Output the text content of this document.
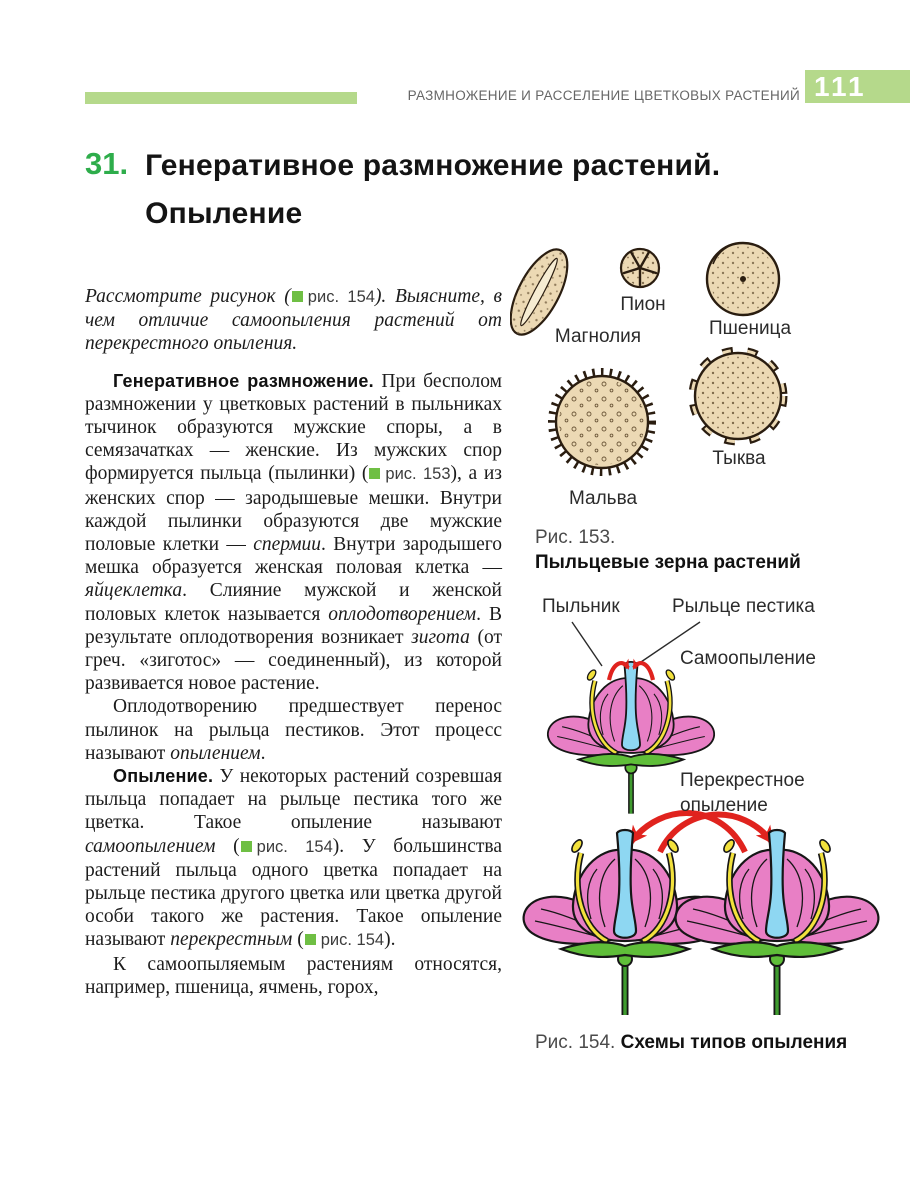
РАЗМНОЖЕНИЕ И РАССЕЛЕНИЕ ЦВЕТКОВЫХ РАСТЕНИЙ 111
31. Генеративное размножение растений.
Опыление

Рассмотрите рисунок ( рис. 154). Выясните, в чем отличие самоопыления растений от перекрестного опыления.

Генеративное размножение. При бесполом размножении у цветковых растений в пыльниках тычинок образуются мужские споры, а в семязачатках — женские. Из мужских спор формируется пыльца (пылинки) ( рис. 153), а из женских спор — зародышевые мешки. Внутри каждой пылинки образуются две мужские половые клетки — спермии. Внутри зародышего мешка образуется женская половая клетка — яйцеклетка. Слияние мужской и женской половых клеток называется оплодотворением. В результате оплодотворения возникает зигота (от греч. «зиготос» — соединенный), из которой развивается новое растение.

Оплодотворению предшествует перенос пылинок на рыльца пестиков. Этот процесс называют опылением.

Опыление. У некоторых растений созревшая пыльца попадает на рыльце пестика того же цветка. Такое опыление называют самоопылением ( рис. 154). У большинства растений пыльца одного цветка попадает на рыльце пестика другого цветка или цветка другой особи такого же растения. Такое опыление называют перекрестным ( рис. 154).

К самоопыляемым растениям относятся, например, пшеница, ячмень, горох,

Магнолия
Пион
Пшеница
Мальва
Тыква
Рис. 153.
Пыльцевые зерна растений
Пыльник	Рыльце пестика
Самоопыление
Перекрестное
опыление
Рис. 154. Схемы типов опыления
